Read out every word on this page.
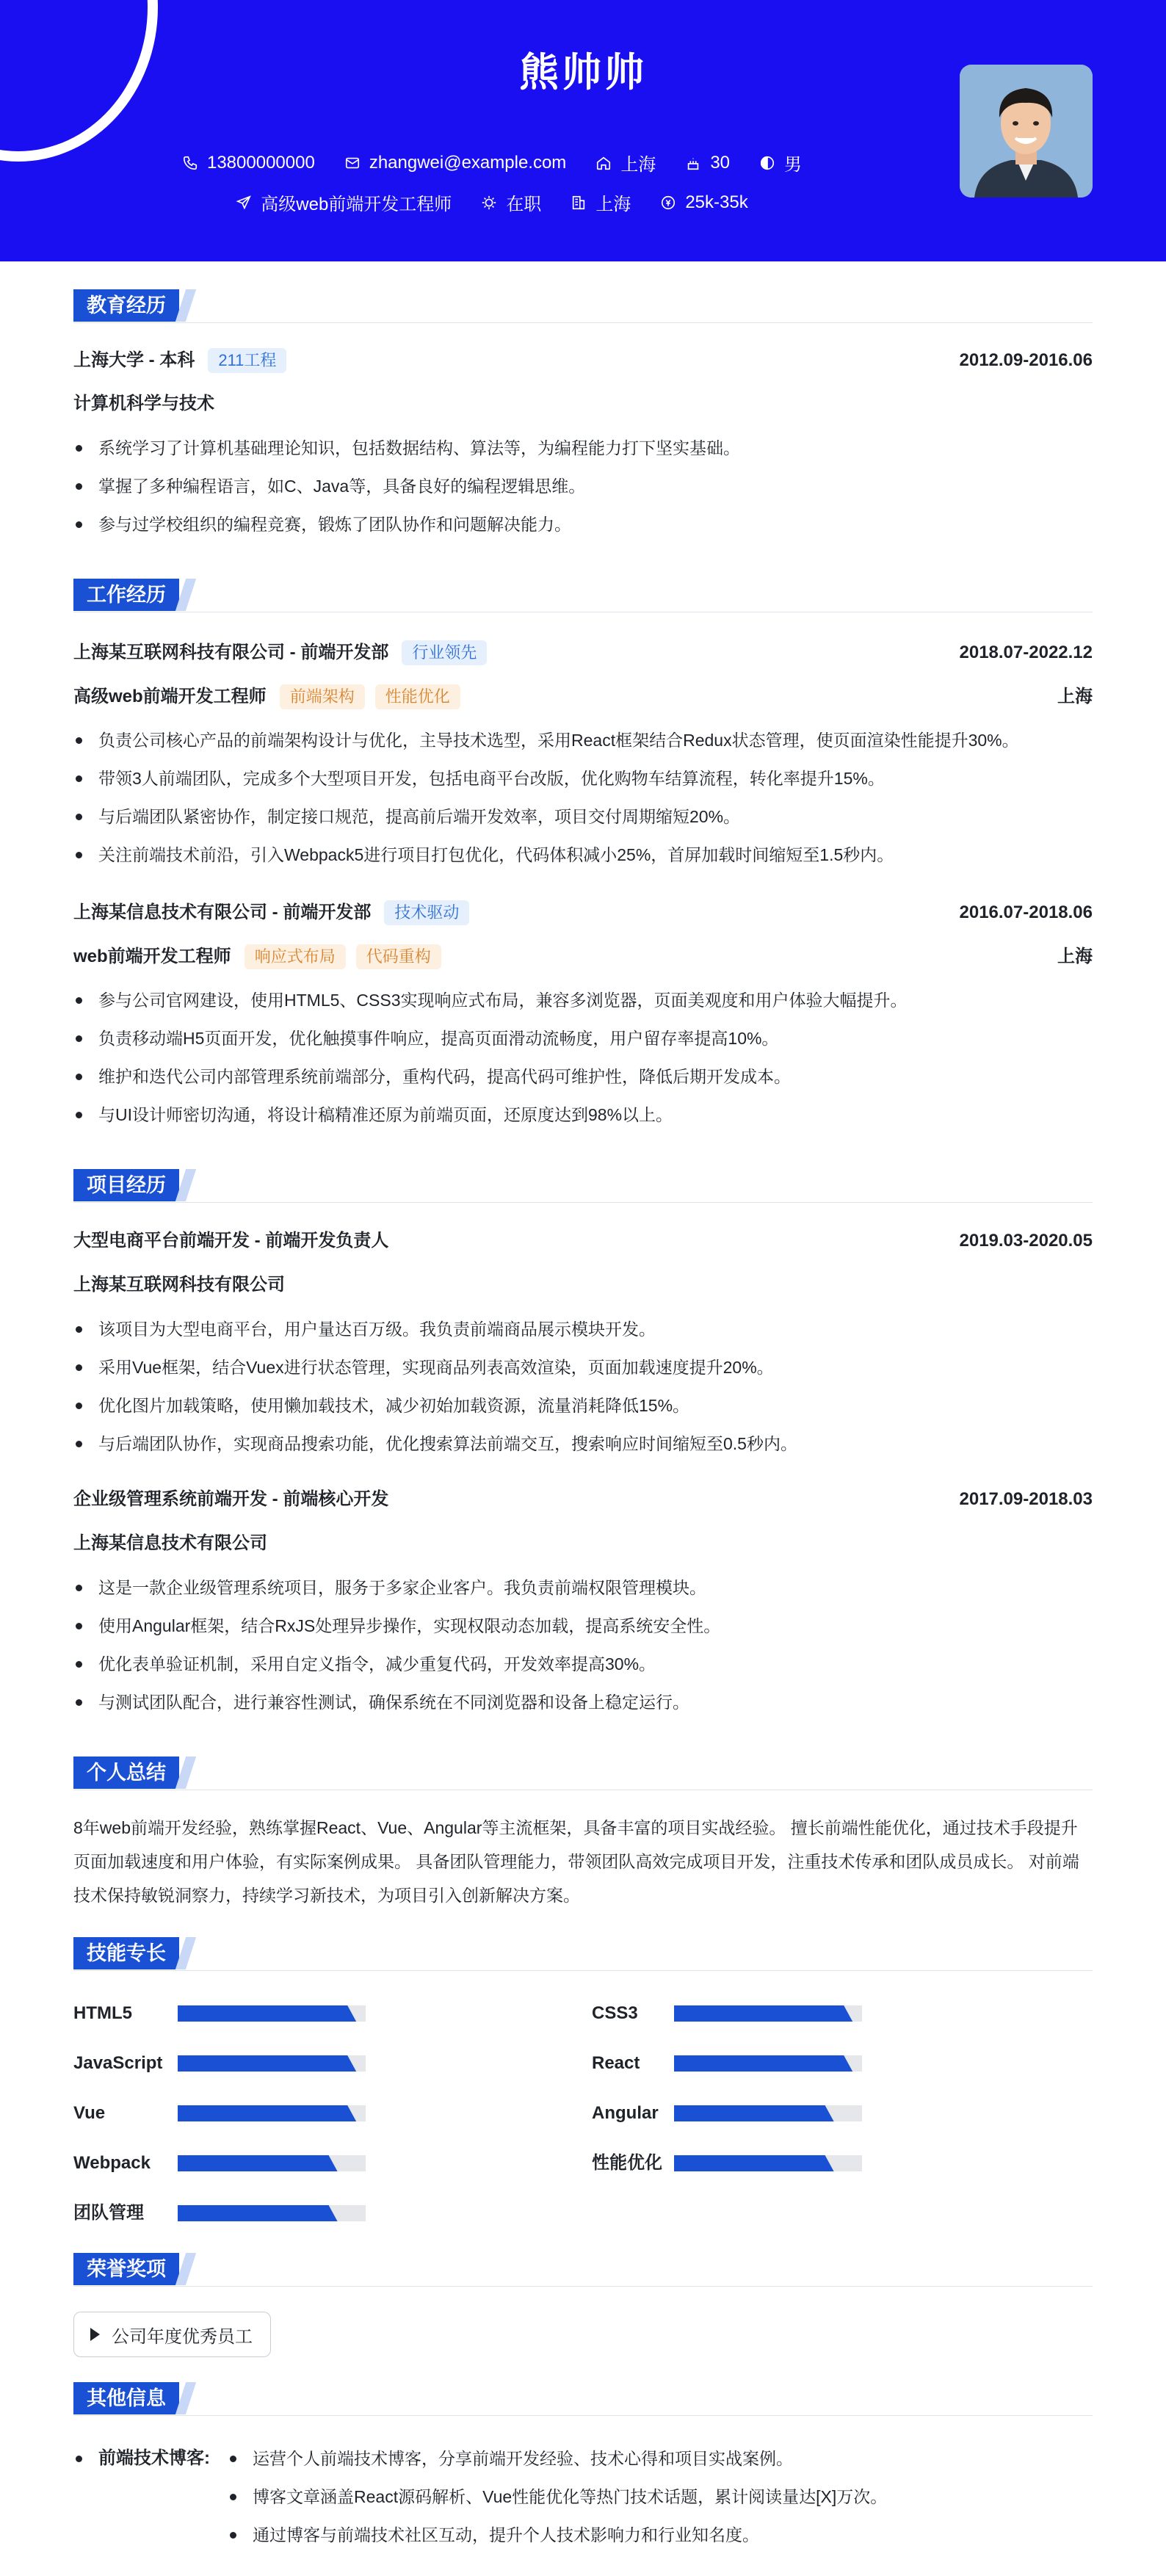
熊帅帅
13800000000	zhangwei@example.com	上海	30	男
高级web前端开发工程师	在职	上海	25k-35k
教育经历
上海大学 - 本科	211工程	2012.09-2016.06
计算机科学与技术
系统学习了计算机基础理论知识，包括数据结构、算法等，为编程能力打下坚实基础。
掌握了多种编程语言，如C、Java等，具备良好的编程逻辑思维。
参与过学校组织的编程竞赛，锻炼了团队协作和问题解决能力。
工作经历
上海某互联网科技有限公司 - 前端开发部	行业领先	2018.07-2022.12
高级web前端开发工程师	前端架构	性能优化	上海
负责公司核心产品的前端架构设计与优化，主导技术选型，采用React框架结合Redux状态管理，使页面渲染性能提升30%。
带领3人前端团队，完成多个大型项目开发，包括电商平台改版，优化购物车结算流程，转化率提升15%。
与后端团队紧密协作，制定接口规范，提高前后端开发效率，项目交付周期缩短20%。
关注前端技术前沿，引入Webpack5进行项目打包优化，代码体积减小25%，首屏加载时间缩短至1.5秒内。
上海某信息技术有限公司 - 前端开发部	技术驱动	2016.07-2018.06
web前端开发工程师	响应式布局	代码重构	上海
参与公司官网建设，使用HTML5、CSS3实现响应式布局，兼容多浏览器，页面美观度和用户体验大幅提升。
负责移动端H5页面开发，优化触摸事件响应，提高页面滑动流畅度，用户留存率提高10%。
维护和迭代公司内部管理系统前端部分，重构代码，提高代码可维护性，降低后期开发成本。
与UI设计师密切沟通，将设计稿精准还原为前端页面，还原度达到98%以上。
项目经历
大型电商平台前端开发 - 前端开发负责人	2019.03-2020.05
上海某互联网科技有限公司
该项目为大型电商平台，用户量达百万级。我负责前端商品展示模块开发。
采用Vue框架，结合Vuex进行状态管理，实现商品列表高效渲染，页面加载速度提升20%。
优化图片加载策略，使用懒加载技术，减少初始加载资源，流量消耗降低15%。
与后端团队协作，实现商品搜索功能，优化搜索算法前端交互，搜索响应时间缩短至0.5秒内。
企业级管理系统前端开发 - 前端核心开发	2017.09-2018.03
上海某信息技术有限公司
这是一款企业级管理系统项目，服务于多家企业客户。我负责前端权限管理模块。
使用Angular框架，结合RxJS处理异步操作，实现权限动态加载，提高系统安全性。
优化表单验证机制，采用自定义指令，减少重复代码，开发效率提高30%。
与测试团队配合，进行兼容性测试，确保系统在不同浏览器和设备上稳定运行。
个人总结
8年web前端开发经验，熟练掌握React、Vue、Angular等主流框架，具备丰富的项目实战经验。 擅长前端性能优化，通过技术手段提升页面加载速度和用户体验，有实际案例成果。 具备团队管理能力，带领团队高效完成项目开发，注重技术传承和团队成员成长。 对前端技术保持敏锐洞察力，持续学习新技术，为项目引入创新解决方案。
技能专长
HTML5	CSS3
JavaScript	React
Vue	Angular
Webpack	性能优化
团队管理
荣誉奖项
公司年度优秀员工
其他信息
前端技术博客:	运营个人前端技术博客，分享前端开发经验、技术心得和项目实战案例。
博客文章涵盖React源码解析、Vue性能优化等热门技术话题，累计阅读量达[X]万次。
通过博客与前端技术社区互动，提升个人技术影响力和行业知名度。
